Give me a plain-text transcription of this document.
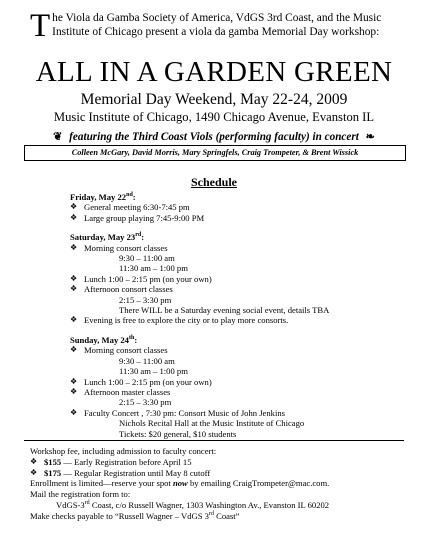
T he Viola da Gamba Society of America, VdGS 3rd Coast, and the Music Institute of Chicago present a viola da gamba Memorial Day workshop:
ALL IN A GARDEN GREEN
Memorial Day Weekend, May 22-24, 2009
Music Institute of Chicago, 1490 Chicago Avenue, Evanston IL
❦ featuring the Third Coast Viols (performing faculty) in concert ❧
Colleen McGary, David Morris, Mary Springfels, Craig Trompeter, & Brent Wissick
Schedule
Friday, May 22nd:
❖ General meeting 6:30-7:45 pm
❖ Large group playing 7:45-9:00 PM
Saturday, May 23rd:
❖ Morning consort classes
9:30 – 11:00 am
11:30 am – 1:00 pm
❖ Lunch 1:00 – 2:15 pm (on your own)
❖ Afternoon consort classes
2:15 – 3:30 pm
There WILL be a Saturday evening social event, details TBA
❖ Evening is free to explore the city or to play more consorts.
Sunday, May 24th:
❖ Morning consort classes
9:30 – 11:00 am
11:30 am – 1:00 pm
❖ Lunch 1:00 – 2:15 pm (on your own)
❖ Afternoon master classes
2:15 – 3:30 pm
❖ Faculty Concert , 7:30 pm: Consort Music of John Jenkins
Nichols Recital Hall at the Music Institute of Chicago
Tickets: $20 general, $10 students
Workshop fee, including admission to faculty concert:
❖ $155 — Early Registration before April 15
❖ $175 — Regular Registration until May 8 cutoff
Enrollment is limited—reserve your spot now by emailing CraigTrompeter@mac.com.
Mail the registration form to:
VdGS-3rd Coast, c/o Russell Wagner, 1303 Washington Av., Evanston IL 60202
Make checks payable to “Russell Wagner – VdGS 3rd Coast”
